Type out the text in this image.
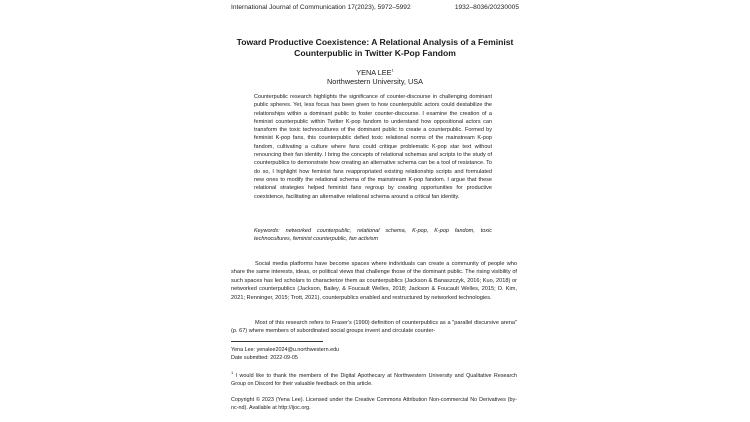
International Journal of Communication 17(2023), 5972–5992	1932–8036/20230005
Toward Productive Coexistence: A Relational Analysis of a Feminist Counterpublic in Twitter K-Pop Fandom
YENA LEE$^1$
Northwestern University, USA
Counterpublic research highlights the significance of counter-discourse in challenging dominant public spheres. Yet, less focus has been given to how counterpublic actors could destabilize the relationships within a dominant public to foster counter-discourse. I examine the creation of a feminist counterpublic within Twitter K-pop fandom to understand how oppositional actors can transform the toxic technocultures of the dominant public to create a counterpublic. Formed by feminist K-pop fans, this counterpublic defied toxic relational norms of the mainstream K-pop fandom, cultivating a culture where fans could critique problematic K-pop star text without renouncing their fan identity. I bring the concepts of relational schemas and scripts to the study of counterpublics to demonstrate how creating an alternative schema can be a tool of resistance. To do so, I highlight how feminist fans reappropriated existing relationship scripts and formulated new ones to modify the relational schema of the mainstream K-pop fandom. I argue that these relational strategies helped feminist fans regroup by creating opportunities for productive coexistence, facilitating an alternative relational schema around a critical fan identity.
Keywords: networked counterpublic, relational schema, K-pop, K-pop fandom, toxic technocultures, feminist counterpublic, fan activism
Social media platforms have become spaces where individuals can create a community of people who share the same interests, ideas, or political views that challenge those of the dominant public. The rising visibility of such spaces has led scholars to characterize them as counterpublics (Jackson & Banaszczyk, 2016; Kuo, 2018) or networked counterpublics (Jackson, Bailey, & Foucault Welles, 2018; Jackson & Foucault Welles, 2015; D. Kim, 2021; Renninger, 2015; Trott, 2021), counterpublics enabled and restructured by networked technologies.
Most of this research refers to Fraser's (1990) definition of counterpublics as a "parallel discursive arena" (p. 67) where members of subordinated social groups invent and circulate counter-
Yena Lee: yenalee2024@u.northwestern.edu
Date submitted: 2022-09-05
$^1$ I would like to thank the members of the Digital Apothecary at Northwestern University and Qualitative Research Group on Discord for their valuable feedback on this article.
Copyright © 2023 (Yena Lee). Licensed under the Creative Commons Attribution Non-commercial No Derivatives (by-nc-nd). Available at http://ijoc.org.
